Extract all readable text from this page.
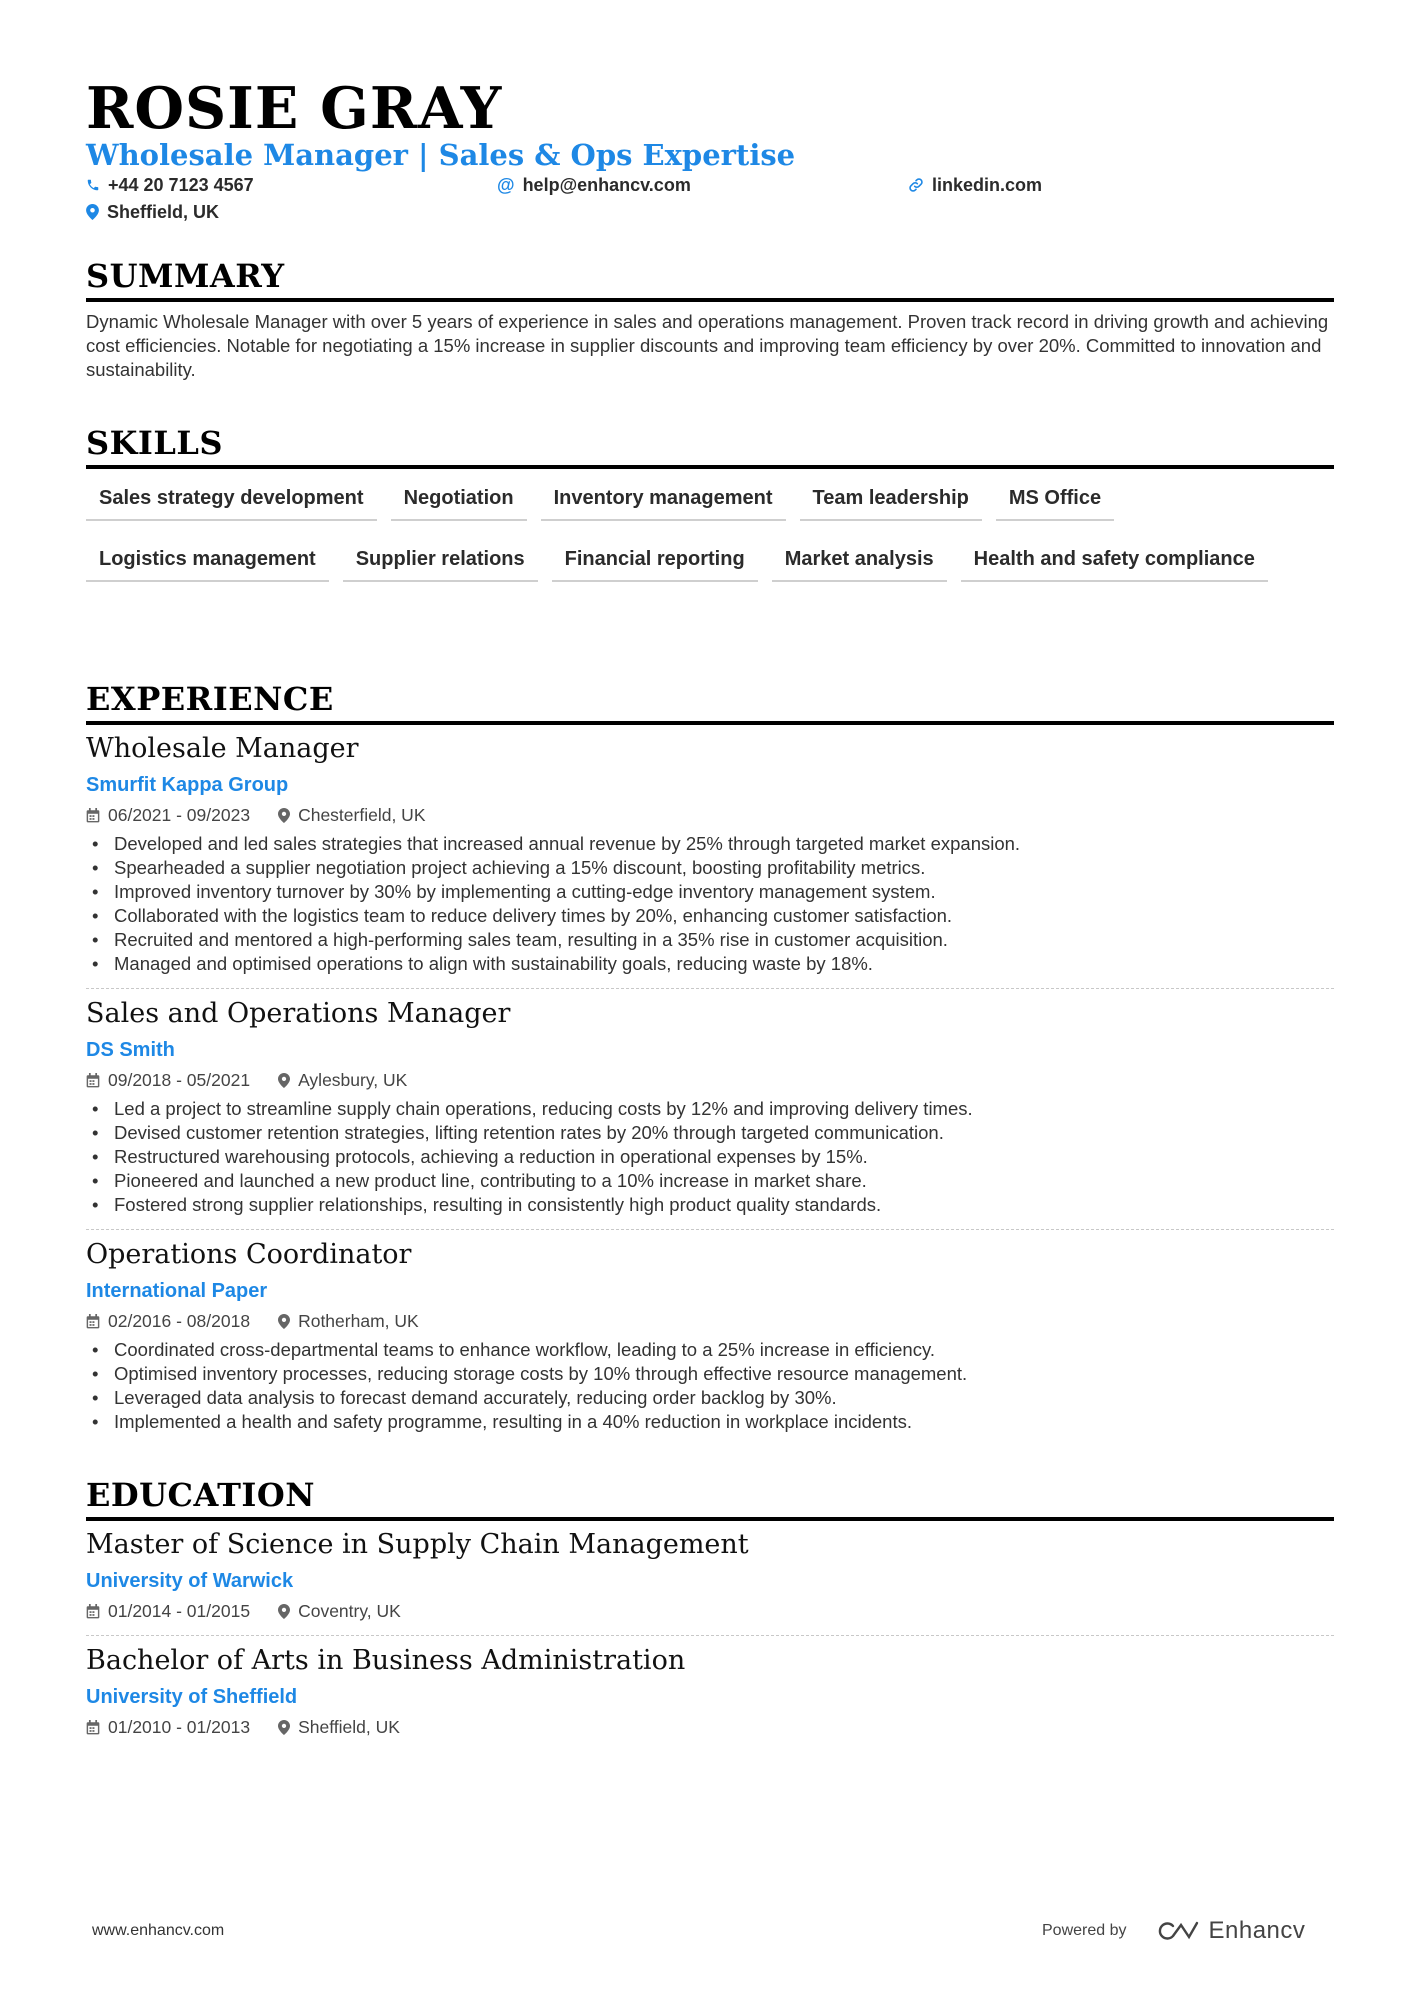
ROSIE GRAY
Wholesale Manager | Sales & Ops Expertise
+44 20 7123 4567	@ help@enhancv.com	linkedin.com
Sheffield, UK
SUMMARY
Dynamic Wholesale Manager with over 5 years of experience in sales and operations management. Proven track record in driving growth and achieving cost efficiencies. Notable for negotiating a 15% increase in supplier discounts and improving team efficiency by over 20%. Committed to innovation and sustainability.
SKILLS
Sales strategy development	Negotiation	Inventory management	Team leadership	MS Office
Logistics management	Supplier relations	Financial reporting	Market analysis	Health and safety compliance
EXPERIENCE
Wholesale Manager
Smurfit Kappa Group
06/2021 - 09/2023	Chesterfield, UK
• Developed and led sales strategies that increased annual revenue by 25% through targeted market expansion.
• Spearheaded a supplier negotiation project achieving a 15% discount, boosting profitability metrics.
• Improved inventory turnover by 30% by implementing a cutting-edge inventory management system.
• Collaborated with the logistics team to reduce delivery times by 20%, enhancing customer satisfaction.
• Recruited and mentored a high-performing sales team, resulting in a 35% rise in customer acquisition.
• Managed and optimised operations to align with sustainability goals, reducing waste by 18%.
Sales and Operations Manager
DS Smith
09/2018 - 05/2021	Aylesbury, UK
• Led a project to streamline supply chain operations, reducing costs by 12% and improving delivery times.
• Devised customer retention strategies, lifting retention rates by 20% through targeted communication.
• Restructured warehousing protocols, achieving a reduction in operational expenses by 15%.
• Pioneered and launched a new product line, contributing to a 10% increase in market share.
• Fostered strong supplier relationships, resulting in consistently high product quality standards.
Operations Coordinator
International Paper
02/2016 - 08/2018	Rotherham, UK
• Coordinated cross-departmental teams to enhance workflow, leading to a 25% increase in efficiency.
• Optimised inventory processes, reducing storage costs by 10% through effective resource management.
• Leveraged data analysis to forecast demand accurately, reducing order backlog by 30%.
• Implemented a health and safety programme, resulting in a 40% reduction in workplace incidents.
EDUCATION
Master of Science in Supply Chain Management
University of Warwick
01/2014 - 01/2015	Coventry, UK
Bachelor of Arts in Business Administration
University of Sheffield
01/2010 - 01/2013	Sheffield, UK
www.enhancv.com	Powered by	Enhancv
